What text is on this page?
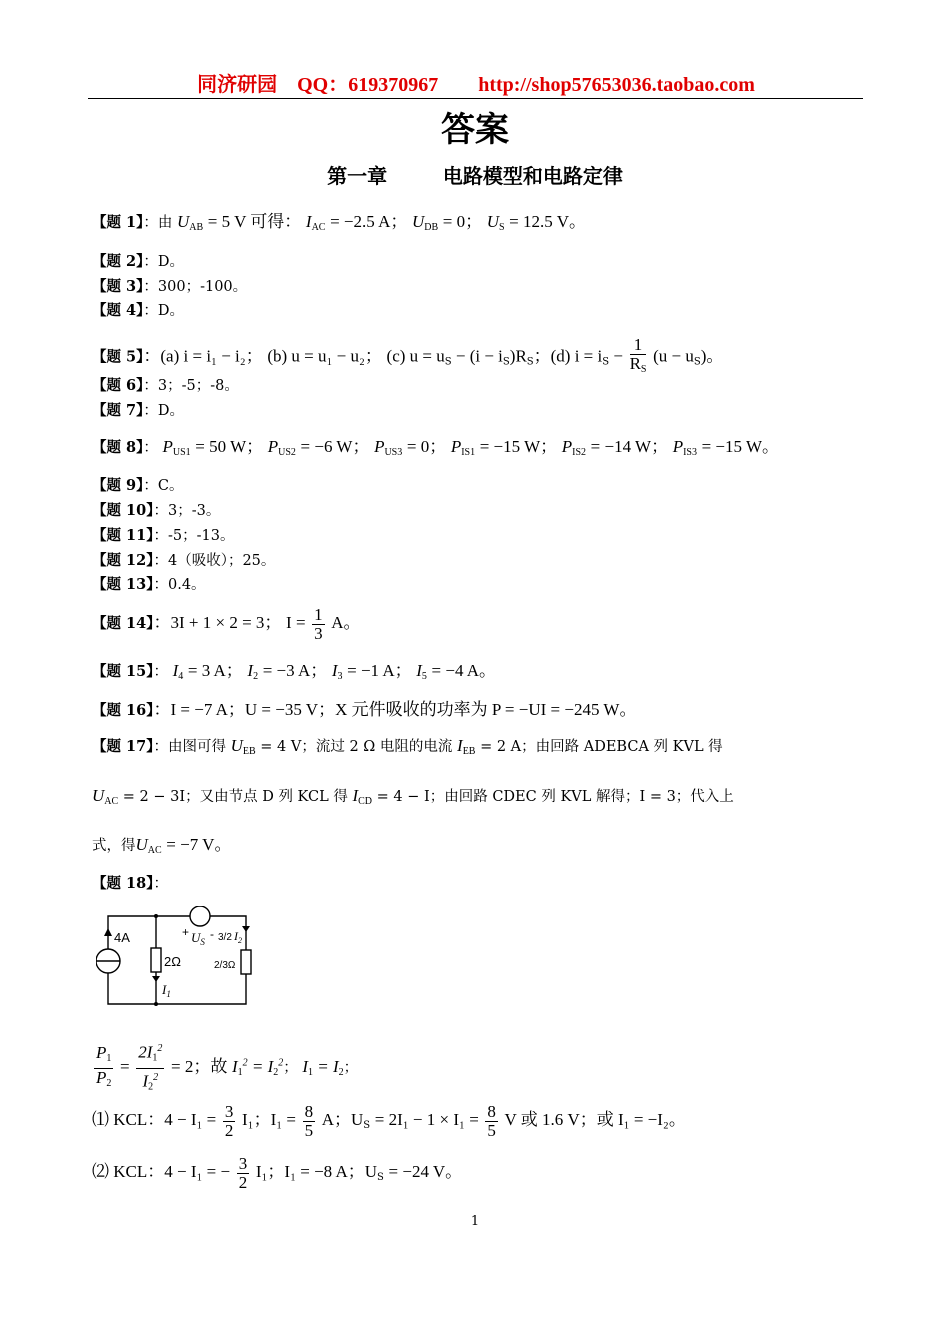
同济研园    QQ：619370967        http://shop57653036.taobao.com
答案
第一章        电路模型和电路定律
【题 1】：由 $U_{AB} = 5$ V 可得： $I_{AC} = -2.5$ A； $U_{DB} = 0$； $U_S = 12.5$ V。
【题 2】：D。
【题 3】：300；-100。
【题 4】：D。
【题 5】：(a) i = i₁ − i₂； (b) u = u₁ − u₂； (c) $u = u_S - (i - i_S)R_S$；(d) $i = i_S - \frac{1}{R_S} (u - u_S)$。
【题 6】：3；-5；-8。
【题 7】：D。
【题 8】： $P_{US1} = 50$ W； $P_{US2} = -6$ W； $P_{US3} = 0$； $P_{IS1} = -15$ W； $P_{IS2} = -14$ W； $P_{IS3} = -15$ W。
【题 9】：C。
【题 10】：3；-3。
【题 11】：-5；-13。
【题 12】：4（吸收）；25。
【题 13】：0.4。
【题 14】：3I + 1 × 2 = 3； $I = \frac{1}{3}$ A。
【题 15】： $I_4 = 3$ A； $I_2 = -3$ A； $I_3 = -1$ A； $I_5 = -4$ A。
【题 16】：I = −7 A；U = −35 V；X 元件吸收的功率为 P = −UI = −245 W。
【题 17】：由图可得 $U_{EB} = 4$ V；流过 2 Ω 电阻的电流 $I_{EB} = 2$ A；由回路 ADEBCA 列 KVL 得
$U_{AC} = 2 - 3I$；又由节点 D 列 KCL 得 $I_{CD} = 4 - I$；由回路 CDEC 列 KVL 解得；I = 3；代入上
式，得$U_{AC} = -7$ V。
【题 18】：
4A
2Ω
$I_1$
+ $U_S$
- 3/2 $I_2$
2/3Ω
$\frac{P_1}{P_2} = \frac{2I_1^2}{I_2^2} = 2$；故 $I_1^2 = I_2^2$； $I_1 = I_2$；
⑴ KCL：$4 - I_1 = \frac{3}{2} I_1$；$I_1 = \frac{8}{5}$ A；$U_S = 2I_1 - 1 \times I_1 = \frac{8}{5}$ V 或 1.6 V；或 I₁ = −I₂。
⑵ KCL：4 − I₁ = − $\frac{3}{2} I_1$；I₁ = −8 A；$U_S = -24$ V。
1
